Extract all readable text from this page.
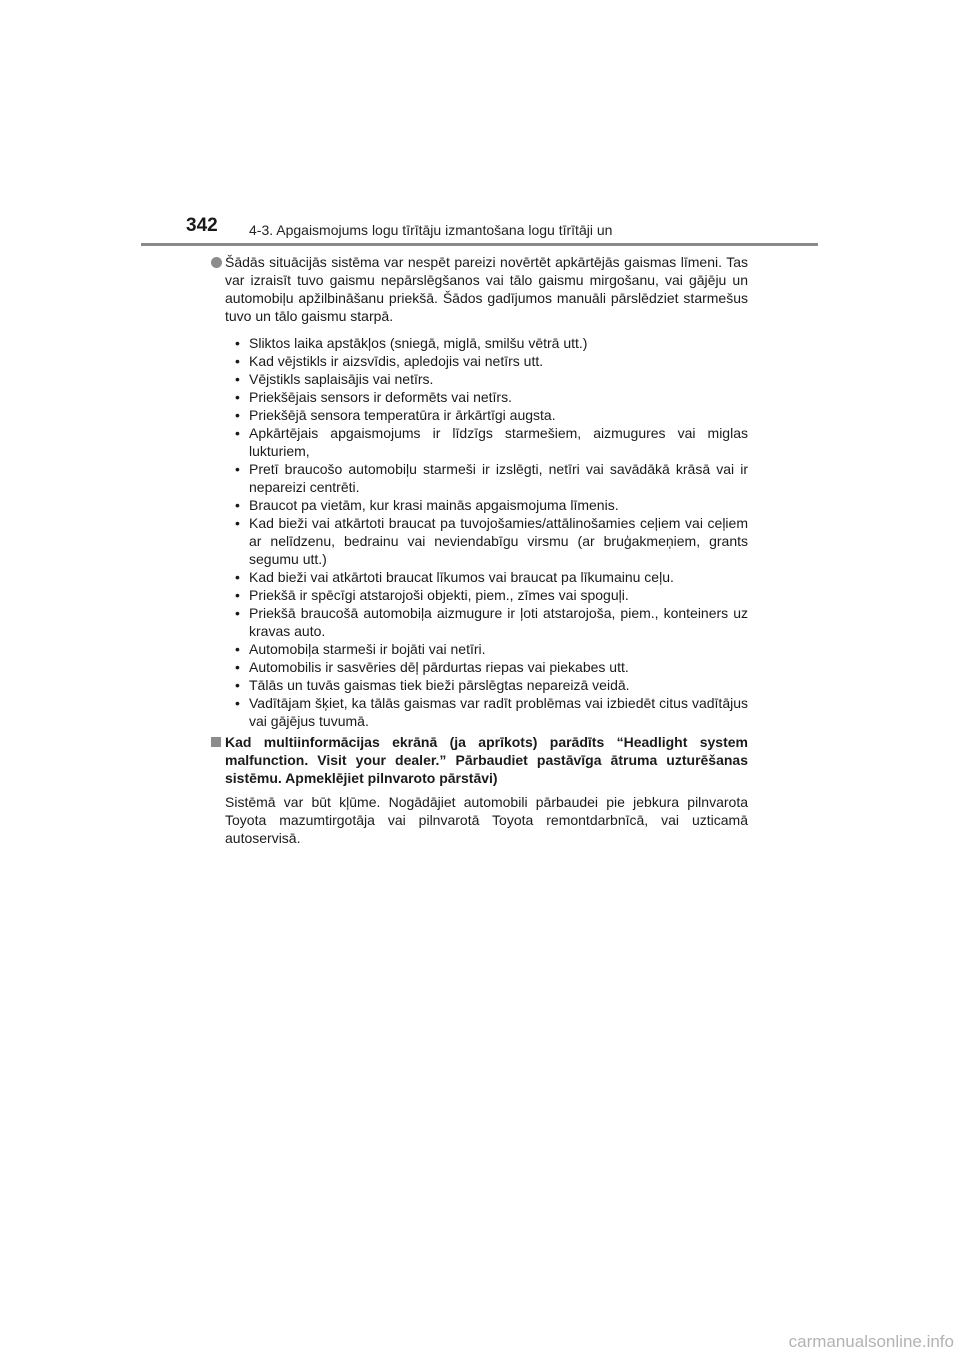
342 4-3. Apgaismojums logu tīrītāju izmantošana logu tīrītāji un
Šādās situācijās sistēma var nespēt pareizi novērtēt apkārtējās gaismas līmeni. Tas var izraisīt tuvo gaismu nepārslēgšanos vai tālo gaismu mirgošanu, vai gājēju un automobiļu apžilbināšanu priekšā. Šādos gadījumos manuāli pārslēdziet starmešus tuvo un tālo gaismu starpā.
• Sliktos laika apstākļos (sniegā, miglā, smilšu vētrā utt.)
• Kad vējstikls ir aizsvīdis, apledojis vai netīrs utt.
• Vējstikls saplaisājis vai netīrs.
• Priekšējais sensors ir deformēts vai netīrs.
• Priekšējā sensora temperatūra ir ārkārtīgi augsta.
• Apkārtējais apgaismojums ir līdzīgs starmešiem, aizmugures vai miglas lukturiem,
• Pretī braucošo automobiļu starmeši ir izslēgti, netīri vai savādākā krāsā vai ir nepareizi centrēti.
• Braucot pa vietām, kur krasi mainās apgaismojuma līmenis.
• Kad bieži vai atkārtoti braucat pa tuvojošamies/attālinošamies ceļiem vai ceļiem ar nelīdzenu, bedrainu vai neviendabīgu virsmu (ar bruģakmeņiem, grants segumu utt.)
• Kad bieži vai atkārtoti braucat līkumos vai braucat pa līkumainu ceļu.
• Priekšā ir spēcīgi atstarojoši objekti, piem., zīmes vai spoguļi.
• Priekšā braucošā automobiļa aizmugure ir ļoti atstarojoša, piem., konteiners uz kravas auto.
• Automobiļa starmeši ir bojāti vai netīri.
• Automobilis ir sasvēries dēļ pārdurtas riepas vai piekabes utt.
• Tālās un tuvās gaismas tiek bieži pārslēgtas nepareizā veidā.
• Vadītājam šķiet, ka tālās gaismas var radīt problēmas vai izbiedēt citus vadītājus vai gājējus tuvumā.
Kad multiinformācijas ekrānā (ja aprīkots) parādīts “Headlight system malfunction. Visit your dealer.” Pārbaudiet pastāvīga ātruma uzturēšanas sistēmu. Apmeklējiet pilnvaroto pārstāvi)
Sistēmā var būt kļūme. Nogādājiet automobili pārbaudei pie jebkura pilnvarota Toyota mazumtirgotāja vai pilnvarotā Toyota remontdarbnīcā, vai uzticamā autoservisā.
carmanualsonline.info
